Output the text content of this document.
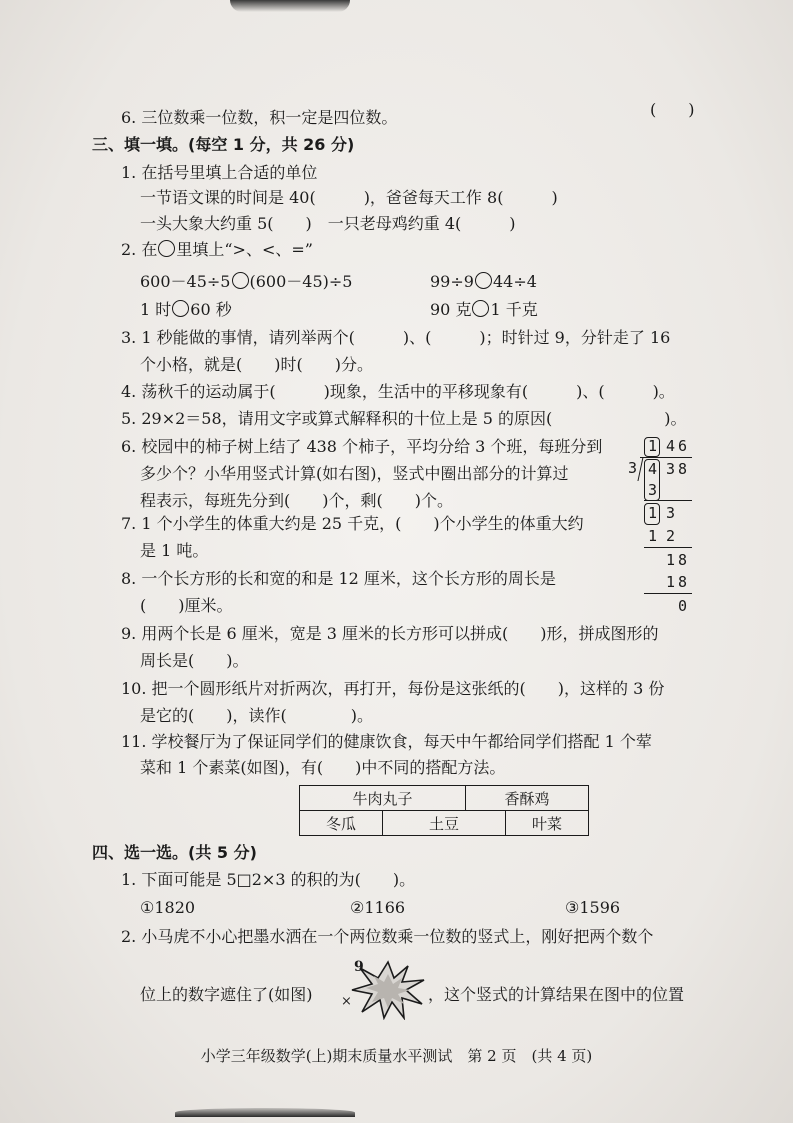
6. 三位数乘一位数，积一定是四位数。	(　　)
三、填一填。(每空 1 分，共 26 分)
1. 在括号里填上合适的单位
一节语文课的时间是 40(　　　)，爸爸每天工作 8(　　　)
一头大象大约重 5(　　)　一只老母鸡约重 4(　　　)
2. 在 里填上“>、<、=”
600－45÷5 (600－45)÷5	99÷9 44÷4
1 时 60 秒	90 克 1 千克
3. 1 秒能做的事情，请列举两个(　　　)、(　　　)；时针过 9，分针走了 16
个小格，就是(　　)时(　　)分。
4. 荡秋千的运动属于(　　　)现象，生活中的平移现象有(　　　)、(　　　)。
5. 29×2＝58，请用文字或算式解释积的十位上是 5 的原因(　　　　　　　)。
6. 校园中的柿子树上结了 438 个柿子，平均分给 3 个班，每班分到
多少个？小华用竖式计算(如右图)，竖式中圈出部分的计算过
程表示，每班先分到(　　)个，剩(　　)个。
7. 1 个小学生的体重大约是 25 千克，(　　)个小学生的体重大约
是 1 吨。
8. 一个长方形的长和宽的和是 12 厘米，这个长方形的周长是
(　　)厘米。
9. 用两个长是 6 厘米，宽是 3 厘米的长方形可以拼成(　　)形，拼成图形的
周长是(　　)。
10. 把一个圆形纸片对折两次，再打开，每份是这张纸的(　　)，这样的 3 份
是它的(　　)，读作(　　　　)。
11. 学校餐厅为了保证同学们的健康饮食，每天中午都给同学们搭配 1 个荤
菜和 1 个素菜(如图)，有(　　)中不同的搭配方法。
牛肉丸子		香酥鸡	
冬瓜	土豆		叶菜
1 4 6
3 4 3 8
3
1 3
1 2
1 8
1 8
0
四、选一选。(共 5 分)
1. 下面可能是 5□2×3 的积的为(　　)。
①1820	②1166	③1596
2. 小马虎不小心把墨水洒在一个两位数乘一位数的竖式上，刚好把两个数个
位上的数字遮住了(如图) ×
9
，这个竖式的计算结果在图中的位置
小学三年级数学(上)期末质量水平测试　第 2 页　(共 4 页)
